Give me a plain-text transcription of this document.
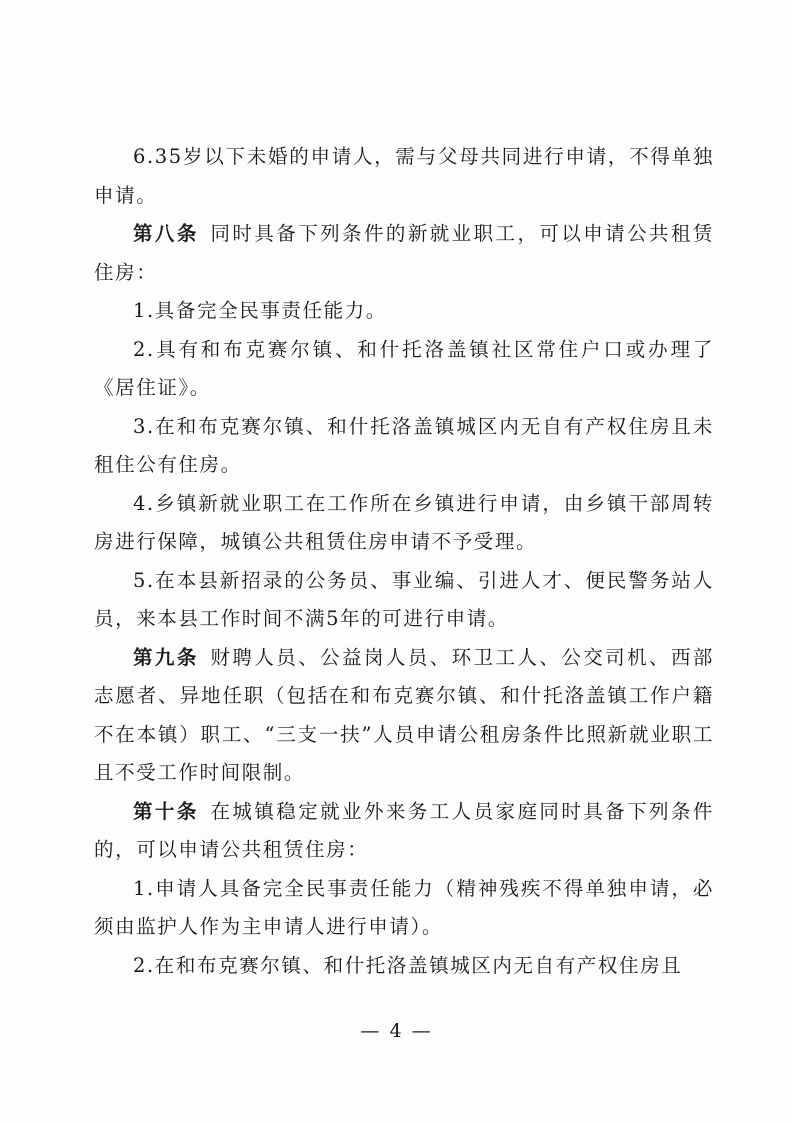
6.35岁以下未婚的申请人，需与父母共同进行申请，不得单独申请。

第八条 同时具备下列条件的新就业职工，可以申请公共租赁住房：

1.具备完全民事责任能力。

2.具有和布克赛尔镇、和什托洛盖镇社区常住户口或办理了《居住证》。

3.在和布克赛尔镇、和什托洛盖镇城区内无自有产权住房且未租住公有住房。

4.乡镇新就业职工在工作所在乡镇进行申请，由乡镇干部周转房进行保障，城镇公共租赁住房申请不予受理。

5.在本县新招录的公务员、事业编、引进人才、便民警务站人员，来本县工作时间不满5年的可进行申请。

第九条 财聘人员、公益岗人员、环卫工人、公交司机、西部志愿者、异地任职（包括在和布克赛尔镇、和什托洛盖镇工作户籍不在本镇）职工、“三支一扶”人员申请公租房条件比照新就业职工且不受工作时间限制。

第十条 在城镇稳定就业外来务工人员家庭同时具备下列条件的，可以申请公共租赁住房：

1.申请人具备完全民事责任能力（精神残疾不得单独申请，必须由监护人作为主申请人进行申请）。

2.在和布克赛尔镇、和什托洛盖镇城区内无自有产权住房且

— 4 —
